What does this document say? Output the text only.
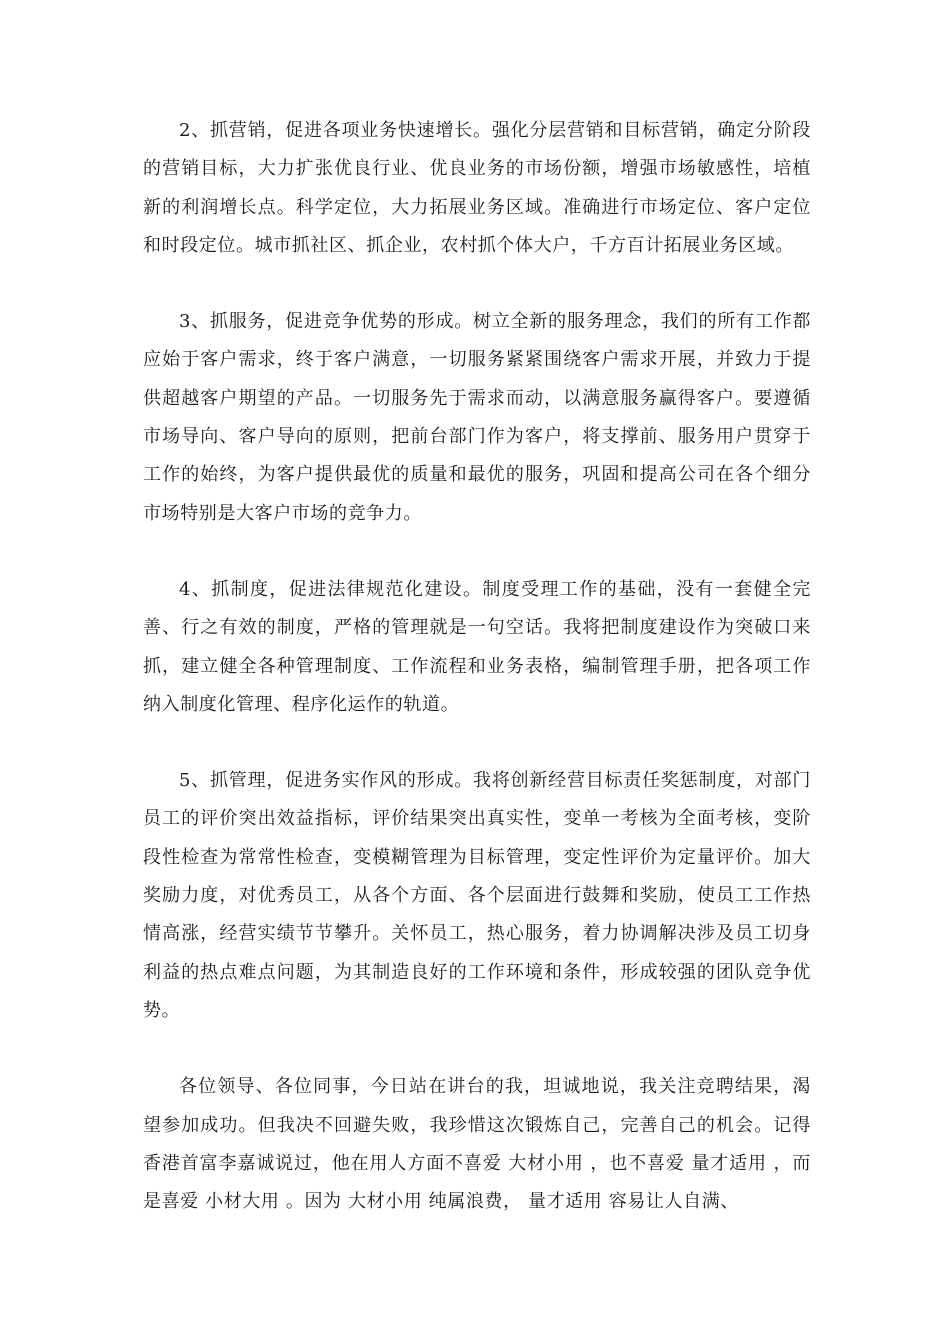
2、抓营销，促进各项业务快速增长。强化分层营销和目标营销，确定分阶段的营销目标，大力扩张优良行业、优良业务的市场份额，增强市场敏感性，培植新的利润增长点。科学定位，大力拓展业务区域。准确进行市场定位、客户定位和时段定位。城市抓社区、抓企业，农村抓个体大户，千方百计拓展业务区域。

3、抓服务，促进竞争优势的形成。树立全新的服务理念，我们的所有工作都应始于客户需求，终于客户满意，一切服务紧紧围绕客户需求开展，并致力于提供超越客户期望的产品。一切服务先于需求而动，以满意服务赢得客户。要遵循市场导向、客户导向的原则，把前台部门作为客户，将支撑前、服务用户贯穿于工作的始终，为客户提供最优的质量和最优的服务，巩固和提高公司在各个细分市场特别是大客户市场的竞争力。

4、抓制度，促进法律规范化建设。制度受理工作的基础，没有一套健全完善、行之有效的制度，严格的管理就是一句空话。我将把制度建设作为突破口来抓，建立健全各种管理制度、工作流程和业务表格，编制管理手册，把各项工作纳入制度化管理、程序化运作的轨道。

5、抓管理，促进务实作风的形成。我将创新经营目标责任奖惩制度，对部门员工的评价突出效益指标，评价结果突出真实性，变单一考核为全面考核，变阶段性检查为常常性检查，变模糊管理为目标管理，变定性评价为定量评价。加大奖励力度，对优秀员工，从各个方面、各个层面进行鼓舞和奖励，使员工工作热情高涨，经营实绩节节攀升。关怀员工，热心服务，着力协调解决涉及员工切身利益的热点难点问题，为其制造良好的工作环境和条件，形成较强的团队竞争优势。

各位领导、各位同事，今日站在讲台的我，坦诚地说，我关注竞聘结果，渴望参加成功。但我决不回避失败，我珍惜这次锻炼自己，完善自己的机会。记得香港首富李嘉诚说过，他在用人方面不喜爱 大材小用 ，也不喜爱 量才适用 ，而是喜爱 小材大用 。因为 大材小用 纯属浪费， 量才适用 容易让人自满、
